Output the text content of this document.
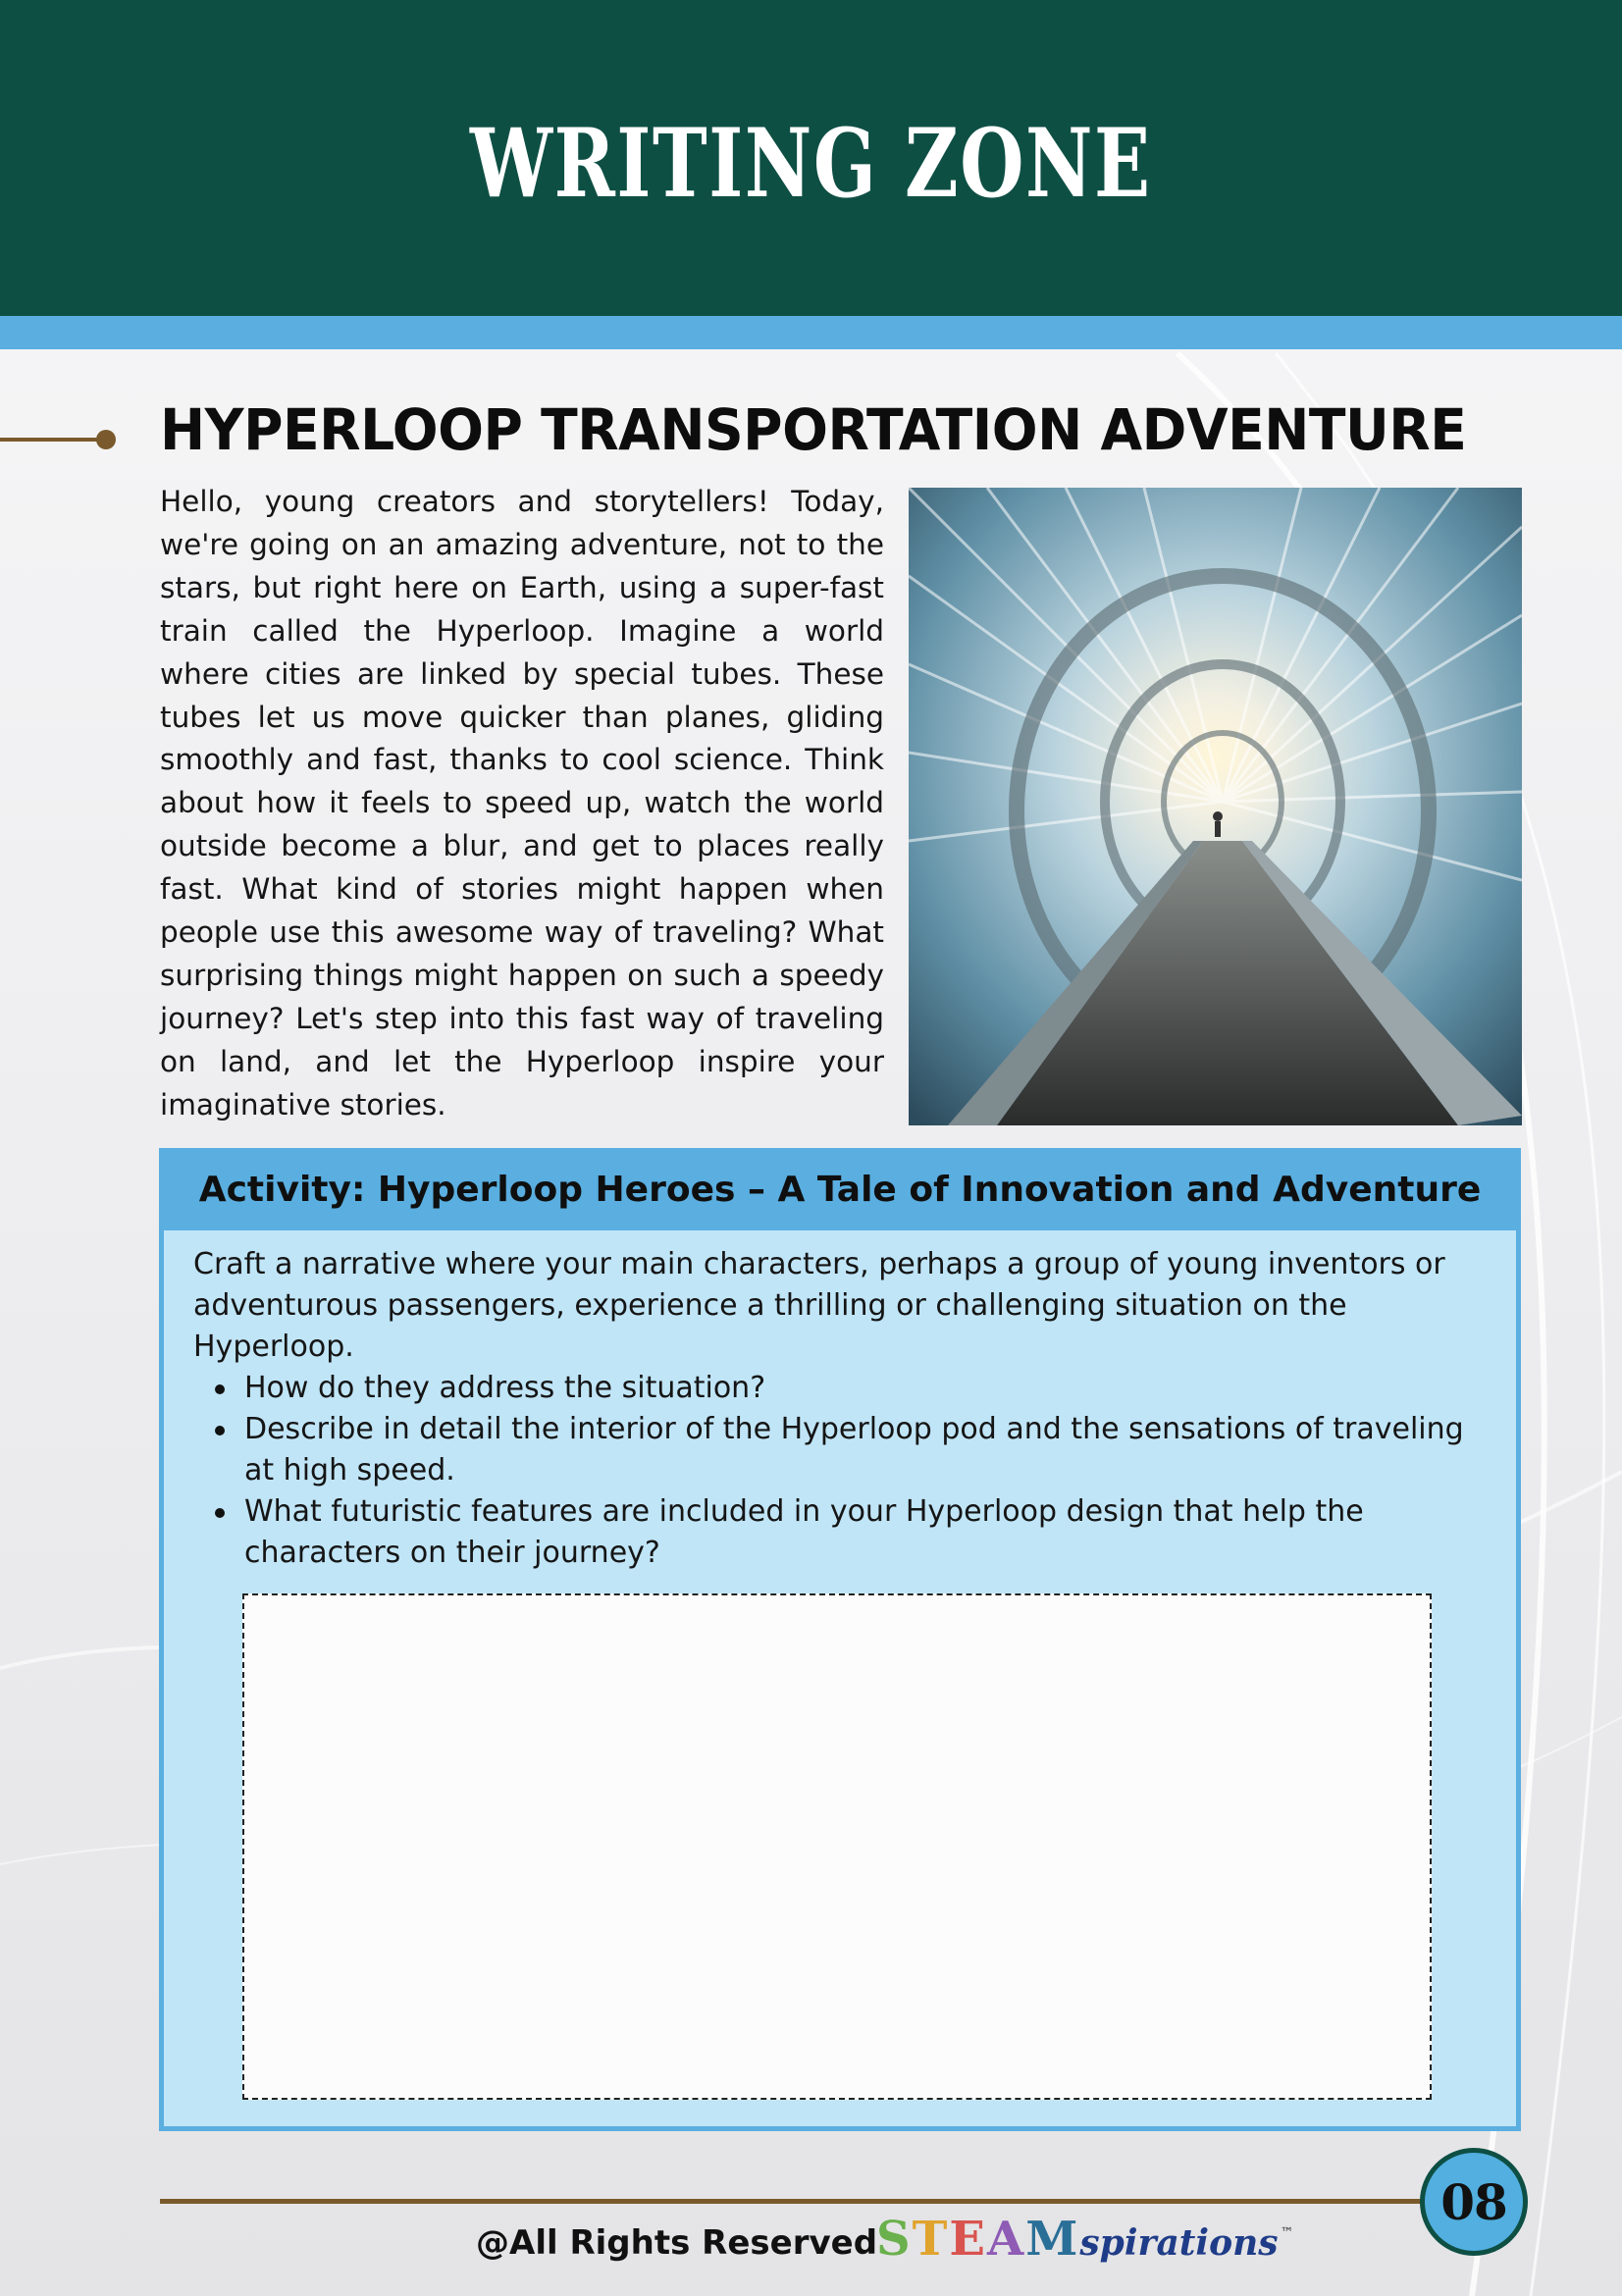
WRITING ZONE
HYPERLOOP TRANSPORTATION ADVENTURE

Hello, young creators and storytellers! Today, we're going on an amazing adventure, not to the stars, but right here on Earth, using a super-fast train called the Hyperloop. Imagine a world where cities are linked by special tubes. These tubes let us move quicker than planes, gliding smoothly and fast, thanks to cool science. Think about how it feels to speed up, watch the world outside become a blur, and get to places really fast. What kind of stories might happen when people use this awesome way of traveling? What surprising things might happen on such a speedy journey? Let's step into this fast way of traveling on land, and let the Hyperloop inspire your imaginative stories.

Activity: Hyperloop Heroes – A Tale of Innovation and Adventure

Craft a narrative where your main characters, perhaps a group of young inventors or adventurous passengers, experience a thrilling or challenging situation on the Hyperloop.

How do they address the situation?
Describe in detail the interior of the Hyperloop pod and the sensations of traveling at high speed.
What futuristic features are included in your Hyperloop design that help the characters on their journey?
08
@All Rights Reserved
STEAM spirations ™
